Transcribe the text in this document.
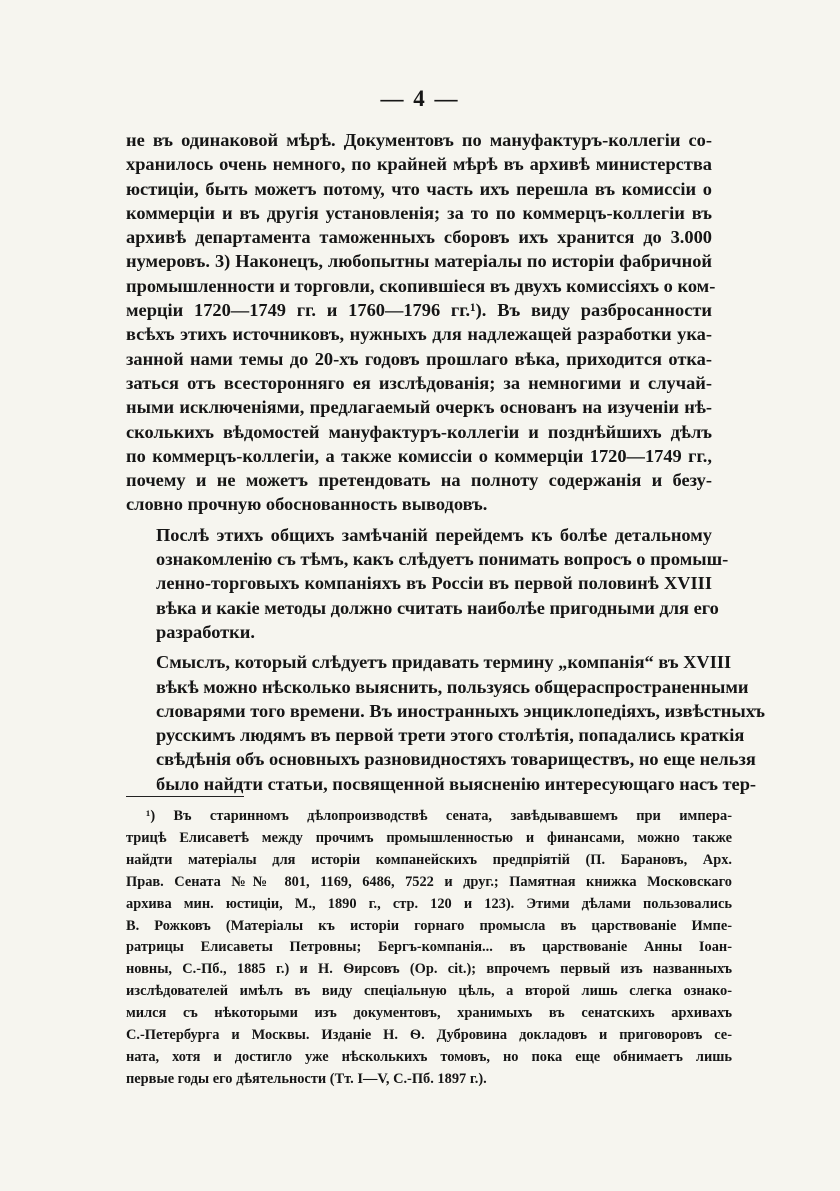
— 4 —

не въ одинаковой мѣрѣ. Документовъ по мануфактуръ-коллегіи со-
хранилось очень немного, по крайней мѣрѣ въ архивѣ министерства
юстиціи, быть можетъ потому, что часть ихъ перешла въ комиссіи о
коммерціи и въ другія установленія; за то по коммерцъ-коллегіи въ
архивѣ департамента таможенныхъ сборовъ ихъ хранится до 3.000
нумеровъ. 3) Наконецъ, любопытны матеріалы по исторіи фабричной
промышленности и торговли, скопившіеся въ двухъ комиссіяхъ о ком-
мерціи 1720—1749 гг. и 1760—1796 гг.¹). Въ виду разбросанности
всѣхъ этихъ источниковъ, нужныхъ для надлежащей разработки ука-
занной нами темы до 20-хъ годовъ прошлаго вѣка, приходится отка-
заться отъ всесторонняго ея изслѣдованія; за немногими и случай-
ными исключеніями, предлагаемый очеркъ основанъ на изученіи нѣ-
сколькихъ вѣдомостей мануфактуръ-коллегіи и позднѣйшихъ дѣлъ
по коммерцъ-коллегіи, а также комиссіи о коммерціи 1720—1749 гг.,
почему и не можетъ претендовать на полноту содержанія и безу-
словно прочную обоснованность выводовъ.

Послѣ этихъ общихъ замѣчаній перейдемъ къ болѣе детальному
ознакомленію съ тѣмъ, какъ слѣдуетъ понимать вопросъ о промыш-
ленно-торговыхъ компаніяхъ въ Россіи въ первой половинѣ XVIII
вѣка и какіе методы должно считать наиболѣе пригодными для его
разработки.

Смыслъ, который слѣдуетъ придавать термину „компанія“ въ XVIII
вѣкѣ можно нѣсколько выяснить, пользуясь общераспространенными
словарями того времени. Въ иностранныхъ энциклопедіяхъ, извѣстныхъ
русскимъ людямъ въ первой трети этого столѣтія, попадались краткія
свѣдѣнія объ основныхъ разновидностяхъ товариществъ, но еще нельзя
было найдти статьи, посвященной выясненію интересующаго насъ тер-

¹) Въ старинномъ дѣлопроизводствѣ сената, завѣдывавшемъ при импера-
трицѣ Елисаветѣ между прочимъ промышленностью и финансами, можно также
найдти матеріалы для исторіи компанейскихъ предпріятій (П. Барановъ, Арх.
Прав. Сената №№ 801, 1169, 6486, 7522 и друг.; Памятная книжка Московскаго
архива мин. юстиціи, М., 1890 г., стр. 120 и 123). Этими дѣлами пользовались
В. Рожковъ (Матеріалы къ исторіи горнаго промысла въ царствованіе Импе-
ратрицы Елисаветы Петровны; Бергъ-компанія... въ царствованіе Анны Іоан-
новны, С.-Пб., 1885 г.) и Н. Ѳирсовъ (Op. cit.); впрочемъ первый изъ названныхъ
изслѣдователей имѣлъ въ виду спеціальную цѣль, а второй лишь слегка ознако-
мился съ нѣкоторыми изъ документовъ, хранимыхъ въ сенатскихъ архивахъ
С.-Петербурга и Москвы. Изданіе Н. Ѳ. Дубровина докладовъ и приговоровъ се-
ната, хотя и достигло уже нѣсколькихъ томовъ, но пока еще обнимаетъ лишь
первые годы его дѣятельности (Тт. I—V, С.-Пб. 1897 г.).
